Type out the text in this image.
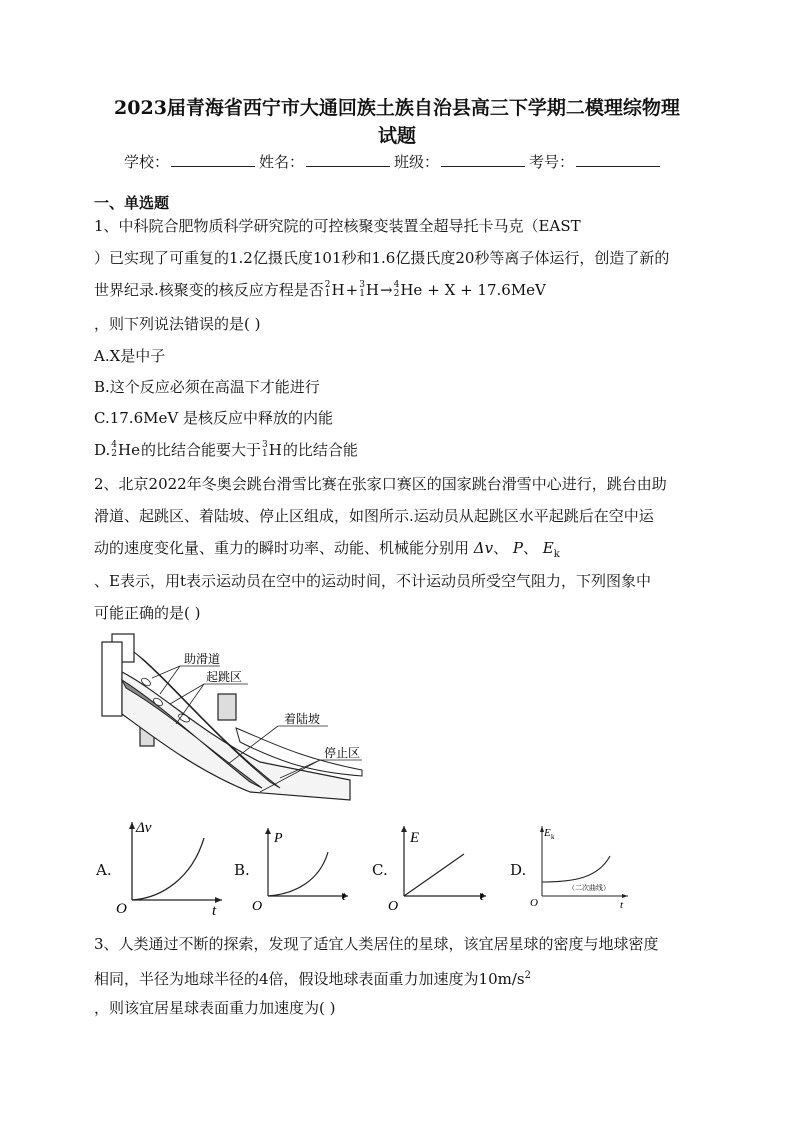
2023届青海省西宁市大通回族土族自治县高三下学期二模理综物理
试题
学校：	姓名：	班级：	考号：
一、单选题
1、中科院合肥物质科学研究院的可控核聚变装置全超导托卡马克（EAST
）已实现了可重复的1.2亿摄氏度101秒和1.6亿摄氏度20秒等离子体运行，创造了新的
世界纪录.核聚变的核反应方程是否 2
1 H + 3
1 H → 4
2 He + X + 17.6MeV
，则下列说法错误的是( )
A.X是中子
B.这个反应必须在高温下才能进行
C.17.6MeV 是核反应中释放的内能
D. 4
2 He 的比结合能要大于 3
1 H 的比结合能
2、北京2022年冬奥会跳台滑雪比赛在张家口赛区的国家跳台滑雪中心进行，跳台由助
滑道、起跳区、着陆坡、停止区组成，如图所示.运动员从起跳区水平起跳后在空中运
动的速度变化量、重力的瞬时功率、动能、机械能分别用 Δv、 P、 $E_k$
、E表示，用t表示运动员在空中的运动时间，不计运动员所受空气阻力，下列图象中
可能正确的是( )
助滑道
起跳区
着陆坡
停止区
A.
Δv
t
O
B.
P
t
O
C.
E
t
O
D.
E k
t
O
（二次曲线）
3、人类通过不断的探索，发现了适宜人类居住的星球，该宜居星球的密度与地球密度
相同，半径为地球半径的4倍，假设地球表面重力加速度为$10m/s^2$
，则该宜居星球表面重力加速度为( )
